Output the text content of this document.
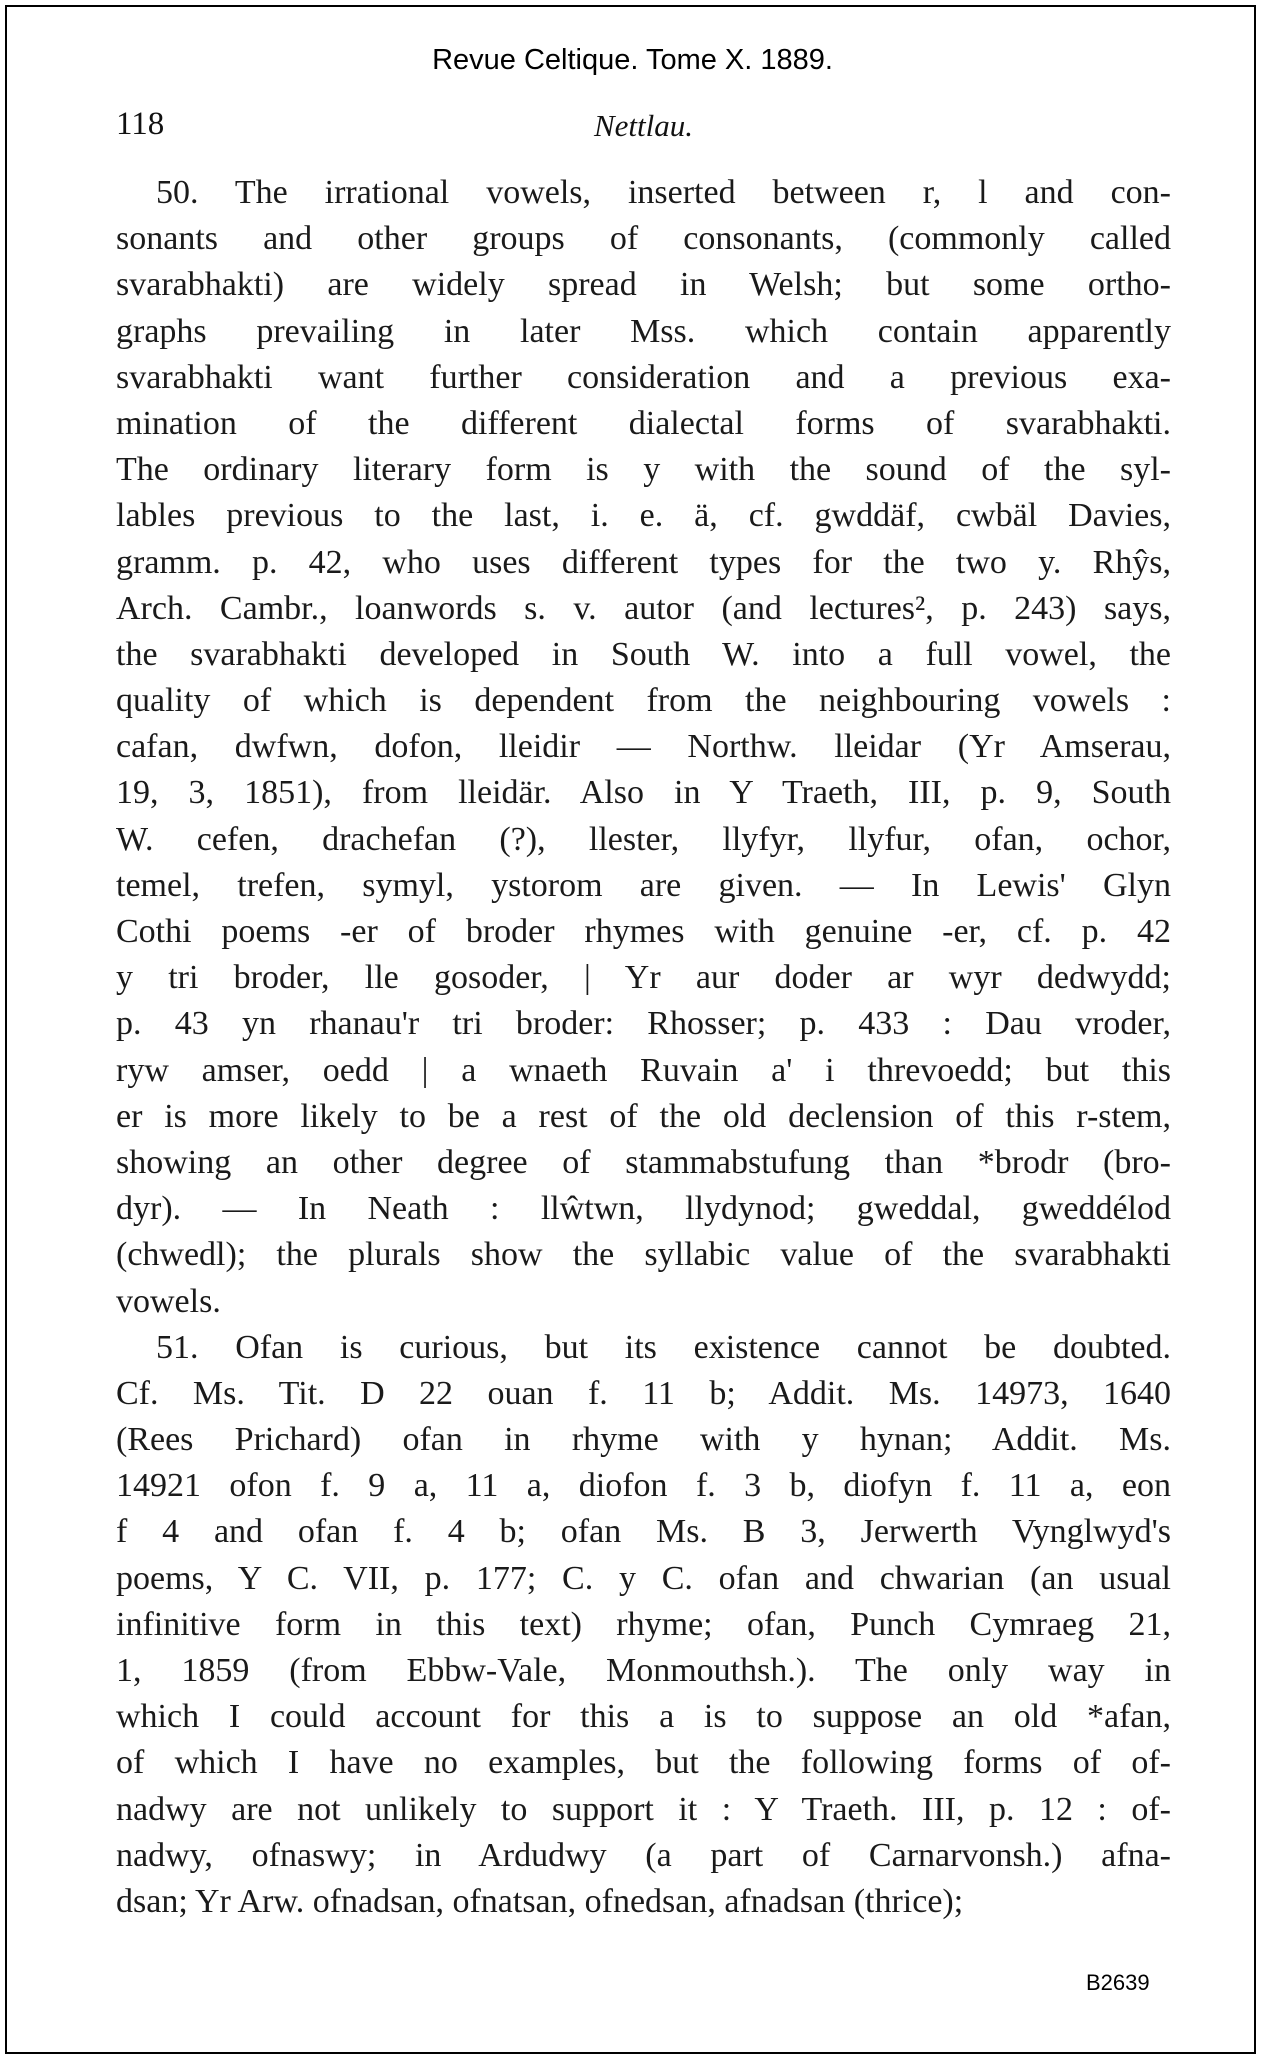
Revue Celtique. Tome X. 1889.
118	Nettlau.
50. The irrational vowels, inserted between r, l and con-
sonants and other groups of consonants, (commonly called
svarabhakti) are widely spread in Welsh; but some ortho-
graphs prevailing in later Mss. which contain apparently
svarabhakti want further consideration and a previous exa-
mination of the different dialectal forms of svarabhakti.
The ordinary literary form is y with the sound of the syl-
lables previous to the last, i. e. ä, cf. gwddäf, cwbäl Davies,
gramm. p. 42, who uses different types for the two y. Rhŷs,
Arch. Cambr., loanwords s. v. autor (and lectures², p. 243) says,
the svarabhakti developed in South W. into a full vowel, the
quality of which is dependent from the neighbouring vowels :
cafan, dwfwn, dofon, lleidir — Northw. lleidar (Yr Amserau,
19, 3, 1851), from lleidär. Also in Y Traeth, III, p. 9, South
W. cefen, drachefan (?), llester, llyfyr, llyfur, ofan, ochor,
temel, trefen, symyl, ystorom are given. — In Lewis' Glyn
Cothi poems -er of broder rhymes with genuine -er, cf. p. 42
y tri broder, lle gosoder, | Yr aur doder ar wyr dedwydd;
p. 43 yn rhanau'r tri broder: Rhosser; p. 433 : Dau vroder,
ryw amser, oedd | a wnaeth Ruvain a' i threvoedd; but this
er is more likely to be a rest of the old declension of this r-stem,
showing an other degree of stammabstufung than *brodr (bro-
dyr). — In Neath : llŵtwn, llydynod; gweddal, gweddélod
(chwedl); the plurals show the syllabic value of the svarabhakti
vowels.
51. Ofan is curious, but its existence cannot be doubted.
Cf. Ms. Tit. D 22 ouan f. 11 b; Addit. Ms. 14973, 1640
(Rees Prichard) ofan in rhyme with y hynan; Addit. Ms.
14921 ofon f. 9 a, 11 a, diofon f. 3 b, diofyn f. 11 a, eon
f 4 and ofan f. 4 b; ofan Ms. B 3, Jerwerth Vynglwyd's
poems, Y C. VII, p. 177; C. y C. ofan and chwarian (an usual
infinitive form in this text) rhyme; ofan, Punch Cymraeg 21,
1, 1859 (from Ebbw-Vale, Monmouthsh.). The only way in
which I could account for this a is to suppose an old *afan,
of which I have no examples, but the following forms of of-
nadwy are not unlikely to support it : Y Traeth. III, p. 12 : of-
nadwy, ofnaswy; in Ardudwy (a part of Carnarvonsh.) afna-
dsan; Yr Arw. ofnadsan, ofnatsan, ofnedsan, afnadsan (thrice);
B2639
